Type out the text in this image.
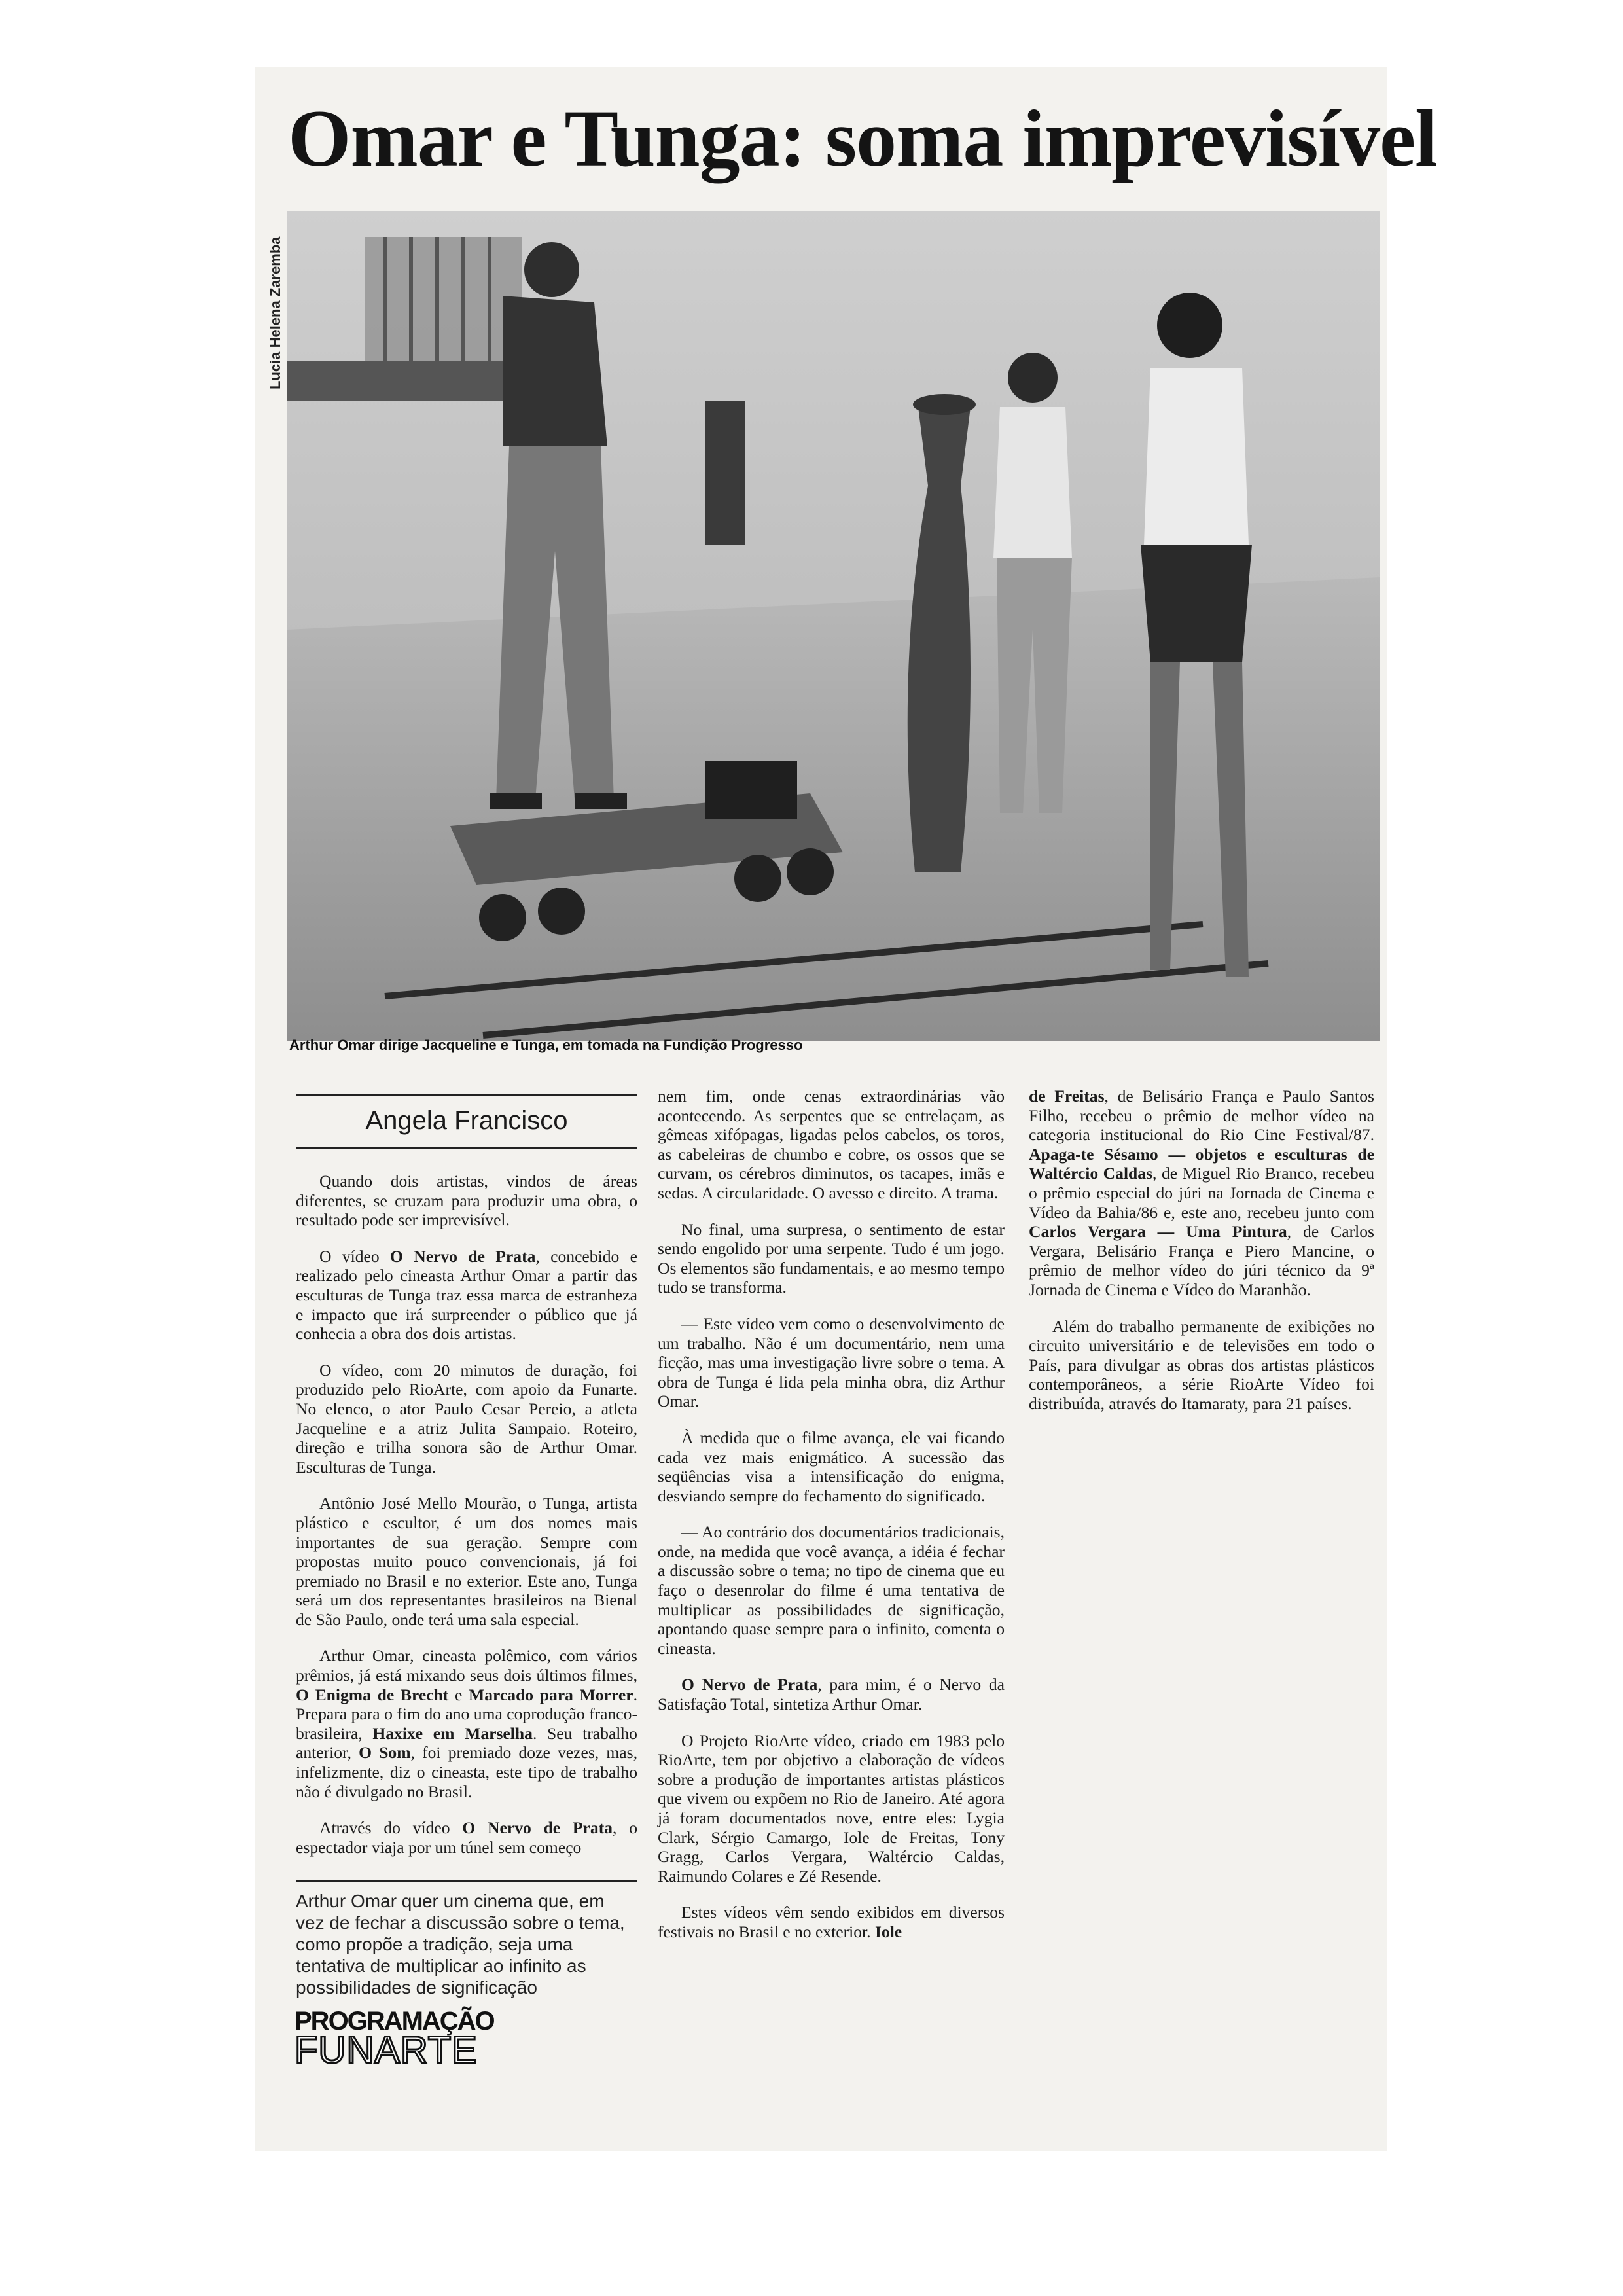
Omar e Tunga: soma imprevisível
Lucia Helena Zaremba
Arthur Omar dirige Jacqueline e Tunga, em tomada na Fundição Progresso
Angela Francisco

Quando dois artistas, vindos de áreas diferentes, se cruzam para produzir uma obra, o resultado pode ser imprevisível.

O vídeo O Nervo de Prata, concebido e realizado pelo cineasta Arthur Omar a partir das esculturas de Tunga traz essa marca de estranheza e impacto que irá surpreender o público que já conhecia a obra dos dois artistas.

O vídeo, com 20 minutos de duração, foi produzido pelo RioArte, com apoio da Funarte. No elenco, o ator Paulo Cesar Pereio, a atleta Jacqueline e a atriz Julita Sampaio. Roteiro, direção e trilha sonora são de Arthur Omar. Esculturas de Tunga.

Antônio José Mello Mourão, o Tunga, artista plástico e escultor, é um dos nomes mais importantes de sua geração. Sempre com propostas muito pouco convencionais, já foi premiado no Brasil e no exterior. Este ano, Tunga será um dos representantes brasileiros na Bienal de São Paulo, onde terá uma sala especial.

Arthur Omar, cineasta polêmico, com vários prêmios, já está mixando seus dois últimos filmes, O Enigma de Brecht e Marcado para Morrer. Prepara para o fim do ano uma coprodução franco-brasileira, Haxixe em Marselha. Seu trabalho anterior, O Som, foi premiado doze vezes, mas, infelizmente, diz o cineasta, este tipo de trabalho não é divulgado no Brasil.

Através do vídeo O Nervo de Prata, o espectador viaja por um túnel sem começo

Arthur Omar quer um cinema que, em vez de fechar a discussão sobre o tema, como propõe a tradição, seja uma tentativa de multiplicar ao infinito as possibilidades de significação
PROGRAMAÇÃO
FUNARTE

nem fim, onde cenas extraordinárias vão acontecendo. As serpentes que se entrelaçam, as gêmeas xifópagas, ligadas pelos cabelos, os toros, as cabeleiras de chumbo e cobre, os ossos que se curvam, os cérebros diminutos, os tacapes, imãs e sedas. A circularidade. O avesso e direito. A trama.

No final, uma surpresa, o sentimento de estar sendo engolido por uma serpente. Tudo é um jogo. Os elementos são fundamentais, e ao mesmo tempo tudo se transforma.

— Este vídeo vem como o desenvolvimento de um trabalho. Não é um documentário, nem uma ficção, mas uma investigação livre sobre o tema. A obra de Tunga é lida pela minha obra, diz Arthur Omar.

À medida que o filme avança, ele vai ficando cada vez mais enigmático. A sucessão das seqüências visa a intensificação do enigma, desviando sempre do fechamento do significado.

— Ao contrário dos documentários tradicionais, onde, na medida que você avança, a idéia é fechar a discussão sobre o tema; no tipo de cinema que eu faço o desenrolar do filme é uma tentativa de multiplicar as possibilidades de significação, apontando quase sempre para o infinito, comenta o cineasta.

O Nervo de Prata, para mim, é o Nervo da Satisfação Total, sintetiza Arthur Omar.

O Projeto RioArte vídeo, criado em 1983 pelo RioArte, tem por objetivo a elaboração de vídeos sobre a produção de importantes artistas plásticos que vivem ou expõem no Rio de Janeiro. Até agora já foram documentados nove, entre eles: Lygia Clark, Sérgio Camargo, Iole de Freitas, Tony Gragg, Carlos Vergara, Waltércio Caldas, Raimundo Colares e Zé Resende.

Estes vídeos vêm sendo exibidos em diversos festivais no Brasil e no exterior. Iole

de Freitas, de Belisário França e Paulo Santos Filho, recebeu o prêmio de melhor vídeo na categoria institucional do Rio Cine Festival/87. Apaga-te Sésamo — objetos e esculturas de Waltércio Caldas, de Miguel Rio Branco, recebeu o prêmio especial do júri na Jornada de Cinema e Vídeo da Bahia/86 e, este ano, recebeu junto com Carlos Vergara — Uma Pintura, de Carlos Vergara, Belisário França e Piero Mancine, o prêmio de melhor vídeo do júri técnico da 9ª Jornada de Cinema e Vídeo do Maranhão.

Além do trabalho permanente de exibições no circuito universitário e de televisões em todo o País, para divulgar as obras dos artistas plásticos contemporâneos, a série RioArte Vídeo foi distribuída, através do Itamaraty, para 21 países.
